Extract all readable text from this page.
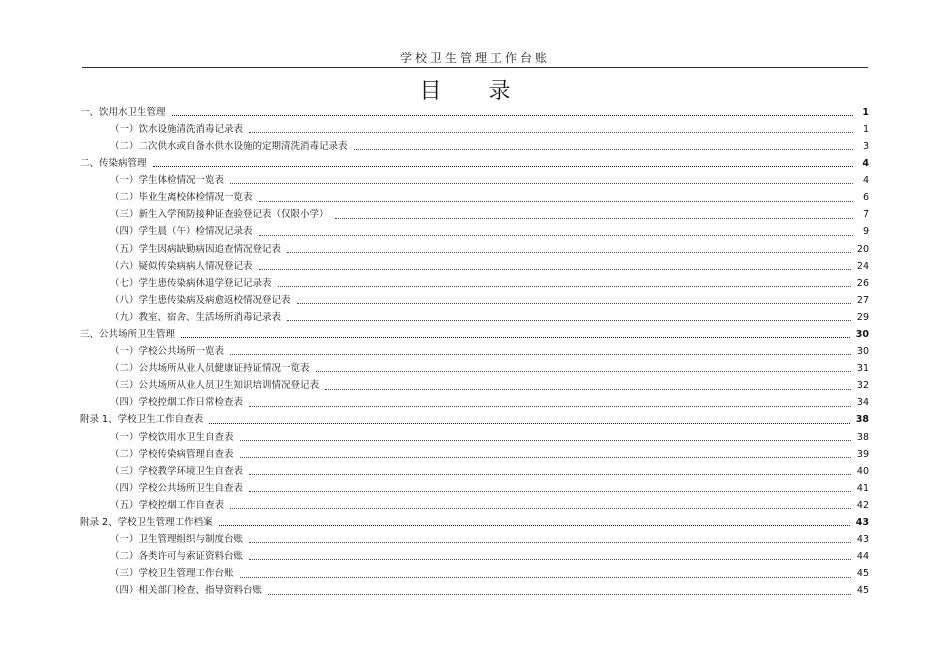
学校卫生管理工作台账
目 录
一、饮用水卫生管理	1
（一）饮水设施清洗消毒记录表	1
（二）二次供水或自备水供水设施的定期清洗消毒记录表	3
二、传染病管理	4
（一）学生体检情况一览表	4
（二）毕业生离校体检情况一览表	6
（三）新生入学预防接种证查验登记表（仅限小学）	7
（四）学生晨（午）检情况记录表	9
（五）学生因病缺勤病因追查情况登记表	20
（六）疑似传染病病人情况登记表	24
（七）学生患传染病休退学登记记录表	26
（八）学生患传染病及病愈返校情况登记表	27
（九）教室、宿舍、生活场所消毒记录表	29
三、公共场所卫生管理	30
（一）学校公共场所一览表	30
（二）公共场所从业人员健康证持证情况一览表	31
（三）公共场所从业人员卫生知识培训情况登记表	32
（四）学校控烟工作日常检查表	34
附录 1、学校卫生工作自查表	38
（一）学校饮用水卫生自查表	38
（二）学校传染病管理自查表	39
（三）学校教学环境卫生自查表	40
（四）学校公共场所卫生自查表	41
（五）学校控烟工作自查表	42
附录 2、学校卫生管理工作档案	43
（一）卫生管理组织与制度台账	43
（二）各类许可与索证资料台账	44
（三）学校卫生管理工作台账	45
（四）相关部门检查、指导资料台账	45
